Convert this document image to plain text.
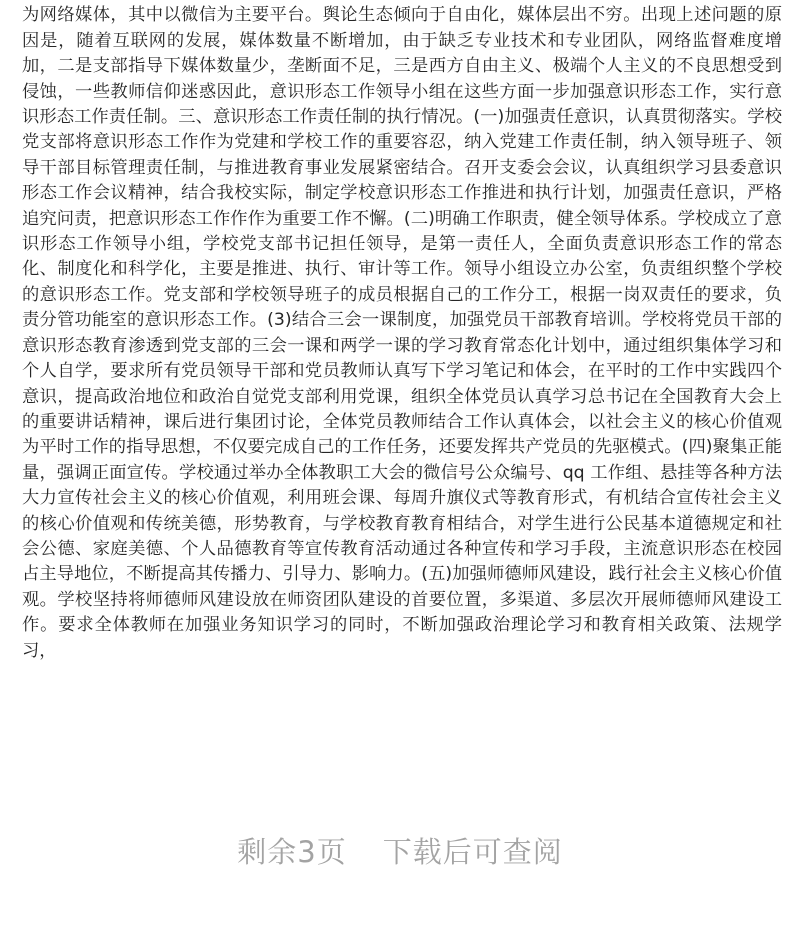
为网络媒体，其中以微信为主要平台。舆论生态倾向于自由化，媒体层出不穷。出现上述问题的原因是，随着互联网的发展，媒体数量不断增加，由于缺乏专业技术和专业团队，网络监督难度增加，二是支部指导下媒体数量少，垄断面不足，三是西方自由主义、极端个人主义的不良思想受到侵蚀，一些教师信仰迷惑因此，意识形态工作领导小组在这些方面一步加强意识形态工作，实行意识形态工作责任制。三、意识形态工作责任制的执行情况。(一)加强责任意识，认真贯彻落实。学校党支部将意识形态工作作为党建和学校工作的重要容忍，纳入党建工作责任制，纳入领导班子、领导干部目标管理责任制，与推进教育事业发展紧密结合。召开支委会会议，认真组织学习县委意识形态工作会议精神，结合我校实际，制定学校意识形态工作推进和执行计划，加强责任意识，严格追究问责，把意识形态工作作作为重要工作不懈。(二)明确工作职责，健全领导体系。学校成立了意识形态工作领导小组，学校党支部书记担任领导，是第一责任人，全面负责意识形态工作的常态化、制度化和科学化，主要是推进、执行、审计等工作。领导小组设立办公室，负责组织整个学校的意识形态工作。党支部和学校领导班子的成员根据自己的工作分工，根据一岗双责任的要求，负责分管功能室的意识形态工作。(3)结合三会一课制度，加强党员干部教育培训。学校将党员干部的意识形态教育渗透到党支部的三会一课和两学一课的学习教育常态化计划中，通过组织集体学习和个人自学，要求所有党员领导干部和党员教师认真写下学习笔记和体会，在平时的工作中实践四个意识，提高政治地位和政治自觉党支部利用党课，组织全体党员认真学习总书记在全国教育大会上的重要讲话精神，课后进行集团讨论，全体党员教师结合工作认真体会，以社会主义的核心价值观为平时工作的指导思想，不仅要完成自己的工作任务，还要发挥共产党员的先驱模式。(四)聚集正能量，强调正面宣传。学校通过举办全体教职工大会的微信号公众编号、qq 工作组、悬挂等各种方法大力宣传社会主义的核心价值观，利用班会课、每周升旗仪式等教育形式，有机结合宣传社会主义的核心价值观和传统美德，形势教育，与学校教育教育相结合，对学生进行公民基本道德规定和社会公德、家庭美德、个人品德教育等宣传教育活动通过各种宣传和学习手段，主流意识形态在校园占主导地位，不断提高其传播力、引导力、影响力。(五)加强师德师风建设，践行社会主义核心价值观。学校坚持将师德师风建设放在师资团队建设的首要位置，多渠道、多层次开展师德师风建设工作。要求全体教师在加强业务知识学习的同时，不断加强政治理论学习和教育相关政策、法规学习，

剩余3页 下载后可查阅
